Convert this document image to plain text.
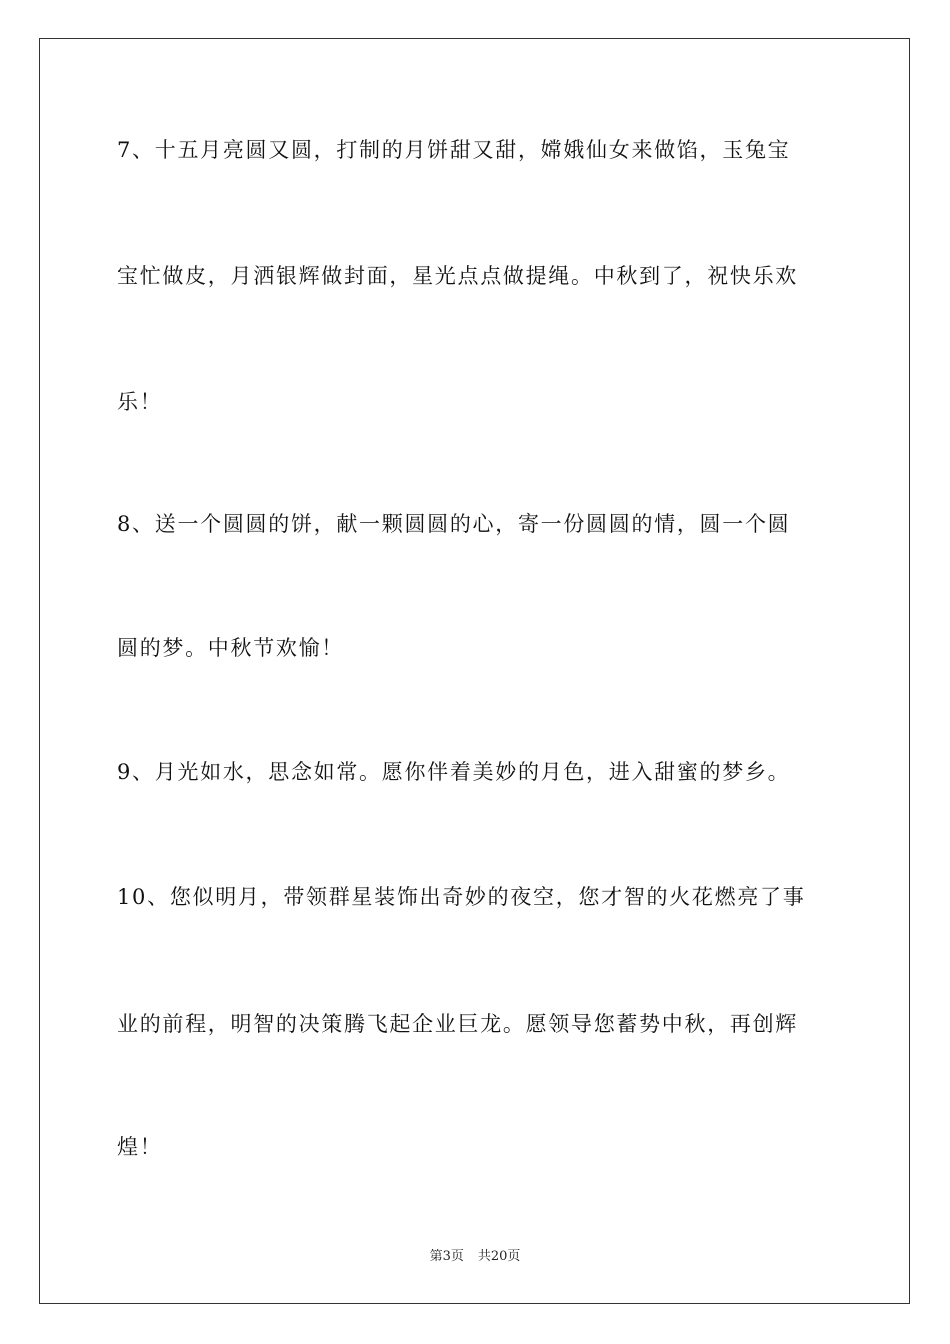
7、十五月亮圆又圆，打制的月饼甜又甜，嫦娥仙女来做馅，玉兔宝
宝忙做皮，月洒银辉做封面，星光点点做提绳。中秋到了，祝快乐欢
乐！
8、送一个圆圆的饼，献一颗圆圆的心，寄一份圆圆的情，圆一个圆
圆的梦。中秋节欢愉！
9、月光如水，思念如常。愿你伴着美妙的月色，进入甜蜜的梦乡。
10、您似明月，带领群星装饰出奇妙的夜空，您才智的火花燃亮了事
业的前程，明智的决策腾飞起企业巨龙。愿领导您蓄势中秋，再创辉
煌！
第3页 共20页
